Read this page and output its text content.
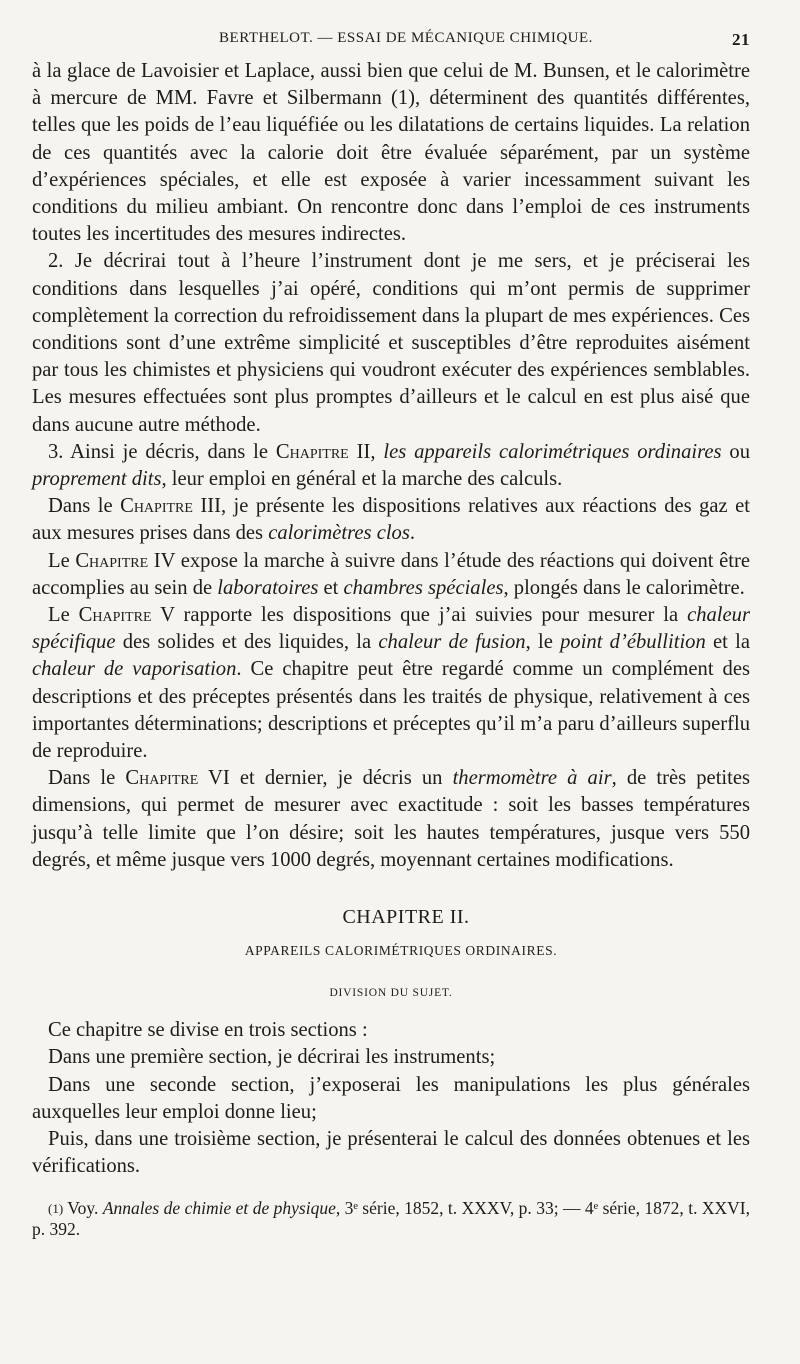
BERTHELOT. — ESSAI DE MÉCANIQUE CHIMIQUE.	21

à la glace de Lavoisier et Laplace, aussi bien que celui de M. Bunsen, et le calorimètre à mercure de MM. Favre et Silbermann (1), déterminent des quantités différentes, telles que les poids de l’eau liquéfiée ou les dilatations de certains liquides. La relation de ces quantités avec la calorie doit être évaluée séparément, par un système d’expériences spéciales, et elle est exposée à varier incessamment suivant les conditions du milieu ambiant. On rencontre donc dans l’emploi de ces instruments toutes les incertitudes des mesures indirectes.

2. Je décrirai tout à l’heure l’instrument dont je me sers, et je préciserai les conditions dans lesquelles j’ai opéré, conditions qui m’ont permis de supprimer complètement la correction du refroidissement dans la plupart de mes expériences. Ces conditions sont d’une extrême simplicité et susceptibles d’être reproduites aisément par tous les chimistes et physiciens qui voudront exécuter des expériences semblables. Les mesures effectuées sont plus promptes d’ailleurs et le calcul en est plus aisé que dans aucune autre méthode.

3. Ainsi je décris, dans le Chapitre II, les appareils calorimétriques ordinaires ou proprement dits, leur emploi en général et la marche des calculs.

Dans le Chapitre III, je présente les dispositions relatives aux réactions des gaz et aux mesures prises dans des calorimètres clos.

Le Chapitre IV expose la marche à suivre dans l’étude des réactions qui doivent être accomplies au sein de laboratoires et chambres spéciales, plongés dans le calorimètre.

Le Chapitre V rapporte les dispositions que j’ai suivies pour mesurer la chaleur spécifique des solides et des liquides, la chaleur de fusion, le point d’ébullition et la chaleur de vaporisation. Ce chapitre peut être regardé comme un complément des descriptions et des préceptes présentés dans les traités de physique, relativement à ces importantes déterminations; descriptions et préceptes qu’il m’a paru d’ailleurs superflu de reproduire.

Dans le Chapitre VI et dernier, je décris un thermomètre à air, de très petites dimensions, qui permet de mesurer avec exactitude : soit les basses températures jusqu’à telle limite que l’on désire; soit les hautes températures, jusque vers 550 degrés, et même jusque vers 1000 degrés, moyennant certaines modifications.

CHAPITRE II.
APPAREILS CALORIMÉTRIQUES ORDINAIRES.
DIVISION DU SUJET.

Ce chapitre se divise en trois sections :

Dans une première section, je décrirai les instruments;

Dans une seconde section, j’exposerai les manipulations les plus générales auxquelles leur emploi donne lieu;

Puis, dans une troisième section, je présenterai le calcul des données obtenues et les vérifications.

$^{(1)}$ Voy. Annales de chimie et de physique, 3ᵉ série, 1852, t. XXXV, p. 33; — 4ᵉ série, 1872, t. XXVI, p. 392.
